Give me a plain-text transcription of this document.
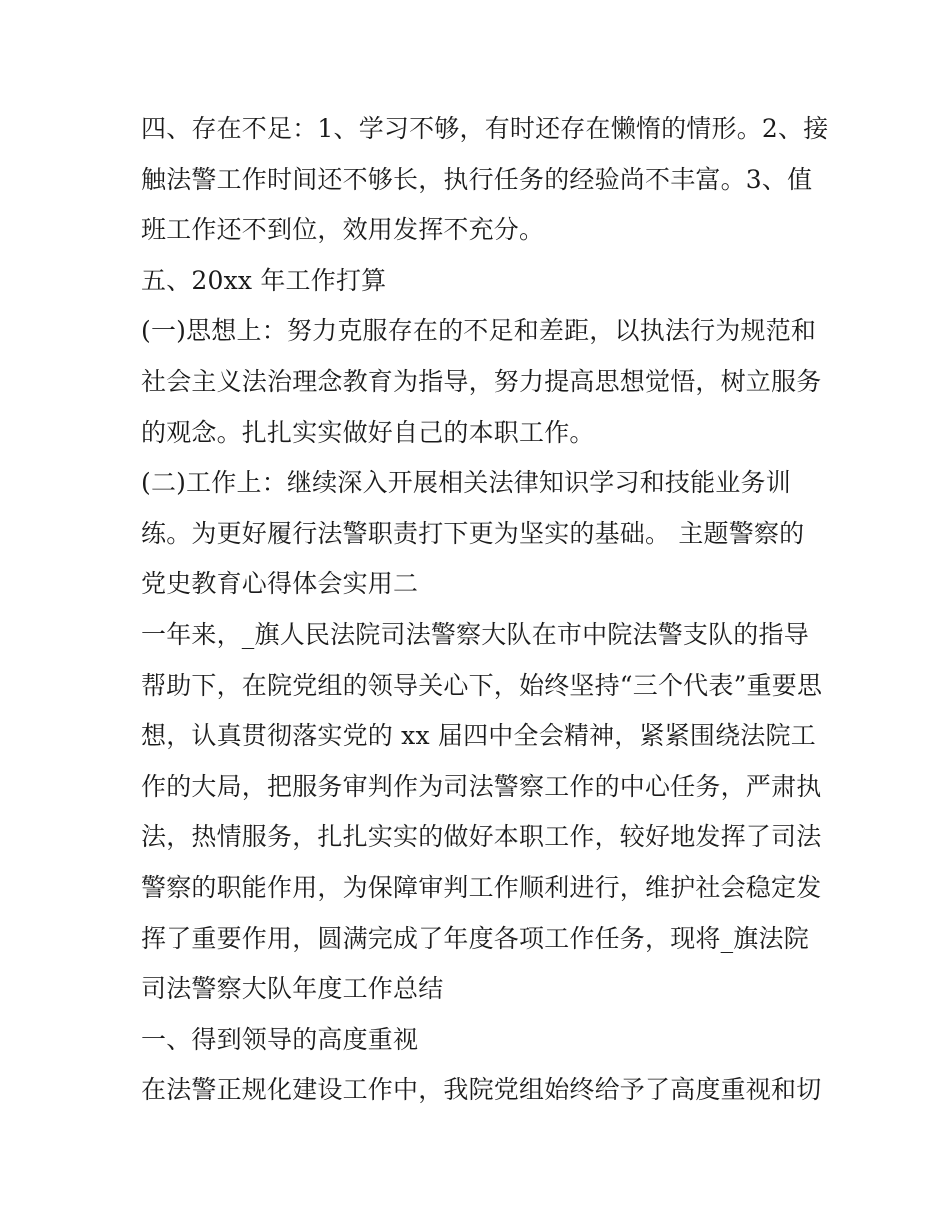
四、存在不足：1、学习不够，有时还存在懒惰的情形。2、接
触法警工作时间还不够长，执行任务的经验尚不丰富。3、值
班工作还不到位，效用发挥不充分。
五、20xx 年工作打算
(一)思想上：努力克服存在的不足和差距，以执法行为规范和
社会主义法治理念教育为指导，努力提高思想觉悟，树立服务
的观念。扎扎实实做好自己的本职工作。
(二)工作上：继续深入开展相关法律知识学习和技能业务训
练。为更好履行法警职责打下更为坚实的基础。 主题警察的
党史教育心得体会实用二
一年来，_旗人民法院司法警察大队在市中院法警支队的指导
帮助下，在院党组的领导关心下，始终坚持“三个代表”重要思
想，认真贯彻落实党的 xx 届四中全会精神，紧紧围绕法院工
作的大局，把服务审判作为司法警察工作的中心任务，严肃执
法，热情服务，扎扎实实的做好本职工作，较好地发挥了司法
警察的职能作用，为保障审判工作顺利进行，维护社会稳定发
挥了重要作用，圆满完成了年度各项工作任务，现将_旗法院
司法警察大队年度工作总结
一、得到领导的高度重视
在法警正规化建设工作中，我院党组始终给予了高度重视和切
